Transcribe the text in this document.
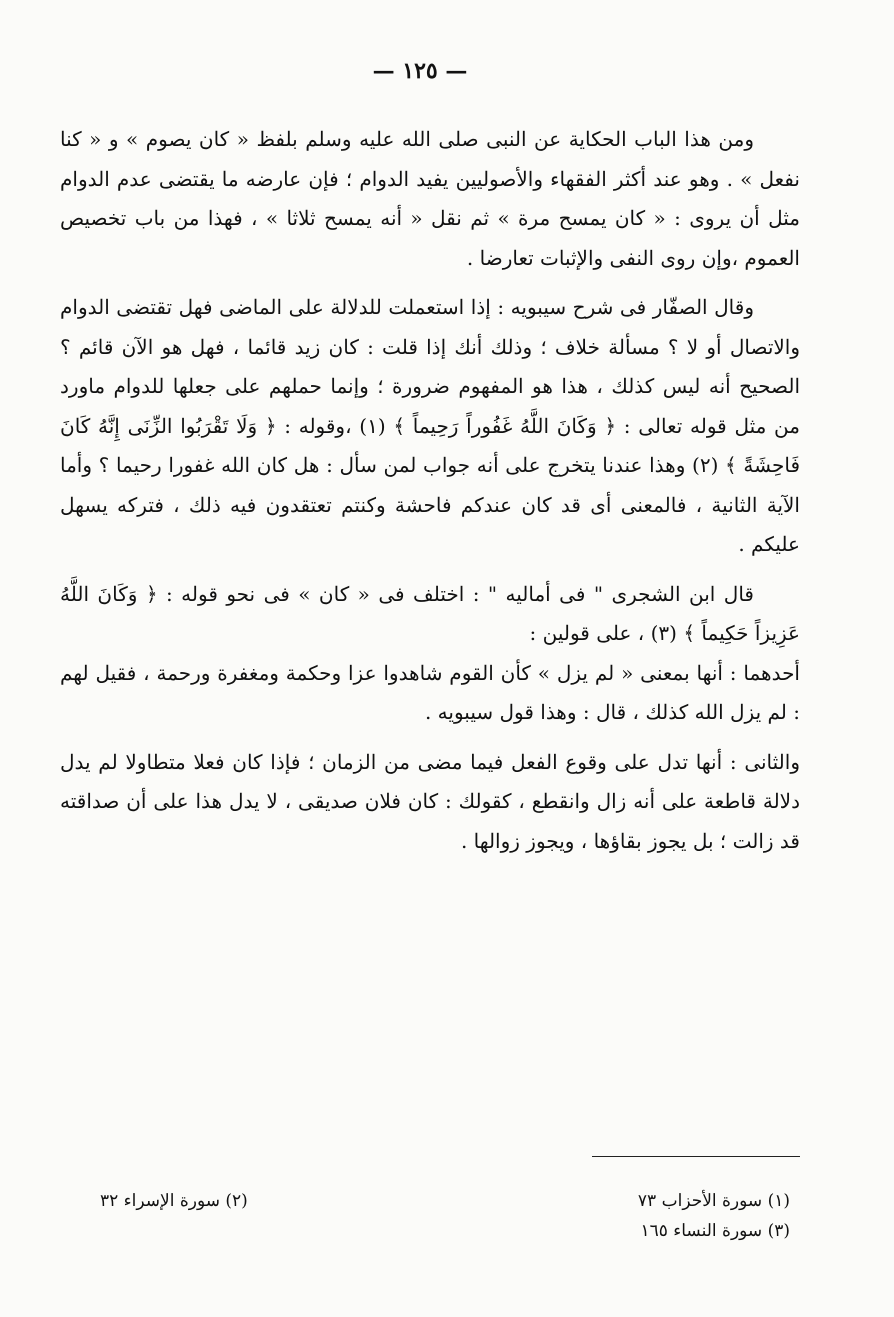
— ١٢٥ —

ومن هذا الباب الحكاية عن النبى صلى الله عليه وسلم بلفظ « كان يصوم » و « كنا نفعل » . وهو عند أكثر الفقهاء والأصوليين يفيد الدوام ؛ فإن عارضه ما يقتضى عدم الدوام مثل أن يروى : « كان يمسح مرة » ثم نقل « أنه يمسح ثلاثا » ، فهذا من باب تخصيص العموم ،وإن روى النفى والإثبات تعارضا .

وقال الصفّار فى شرح سيبويه : إذا استعملت للدلالة على الماضى فهل تقتضى الدوام والاتصال أو لا ؟ مسألة خلاف ؛ وذلك أنك إذا قلت : كان زيد قائما ، فهل هو الآن قائم ؟ الصحيح أنه ليس كذلك ، هذا هو المفهوم ضرورة ؛ وإنما حملهم على جعلها للدوام ماورد من مثل قوله تعالى : ﴿ وَكَانَ اللَّهُ غَفُوراً رَحِيماً ﴾ (١) ،وقوله : ﴿ وَلَا تَقْرَبُوا الزِّنَى إِنَّهُ كَانَ فَاحِشَةً ﴾ (٢) وهذا عندنا يتخرج على أنه جواب لمن سأل : هل كان الله غفورا رحيما ؟ وأما الآية الثانية ، فالمعنى أى قد كان عندكم فاحشة وكنتم تعتقدون فيه ذلك ، فتركه يسهل عليكم .

قال ابن الشجرى " فى أماليه " : اختلف فى « كان » فى نحو قوله : ﴿ وَكَانَ اللَّهُ عَزِيزاً حَكِيماً ﴾ (٣) ، على قولين :

أحدهما : أنها بمعنى « لم يزل » كأن القوم شاهدوا عزا وحكمة ومغفرة ورحمة ، فقيل لهم : لم يزل الله كذلك ، قال : وهذا قول سيبويه .

والثانى : أنها تدل على وقوع الفعل فيما مضى من الزمان ؛ فإذا كان فعلا متطاولا لم يدل دلالة قاطعة على أنه زال وانقطع ، كقولك : كان فلان صديقى ، لا يدل هذا على أن صداقته قد زالت ؛ بل يجوز بقاؤها ، ويجوز زوالها .

(١) سورة الأحزاب ٧٣
(٢) سورة الإسراء ٣٢
(٣) سورة النساء ١٦٥
